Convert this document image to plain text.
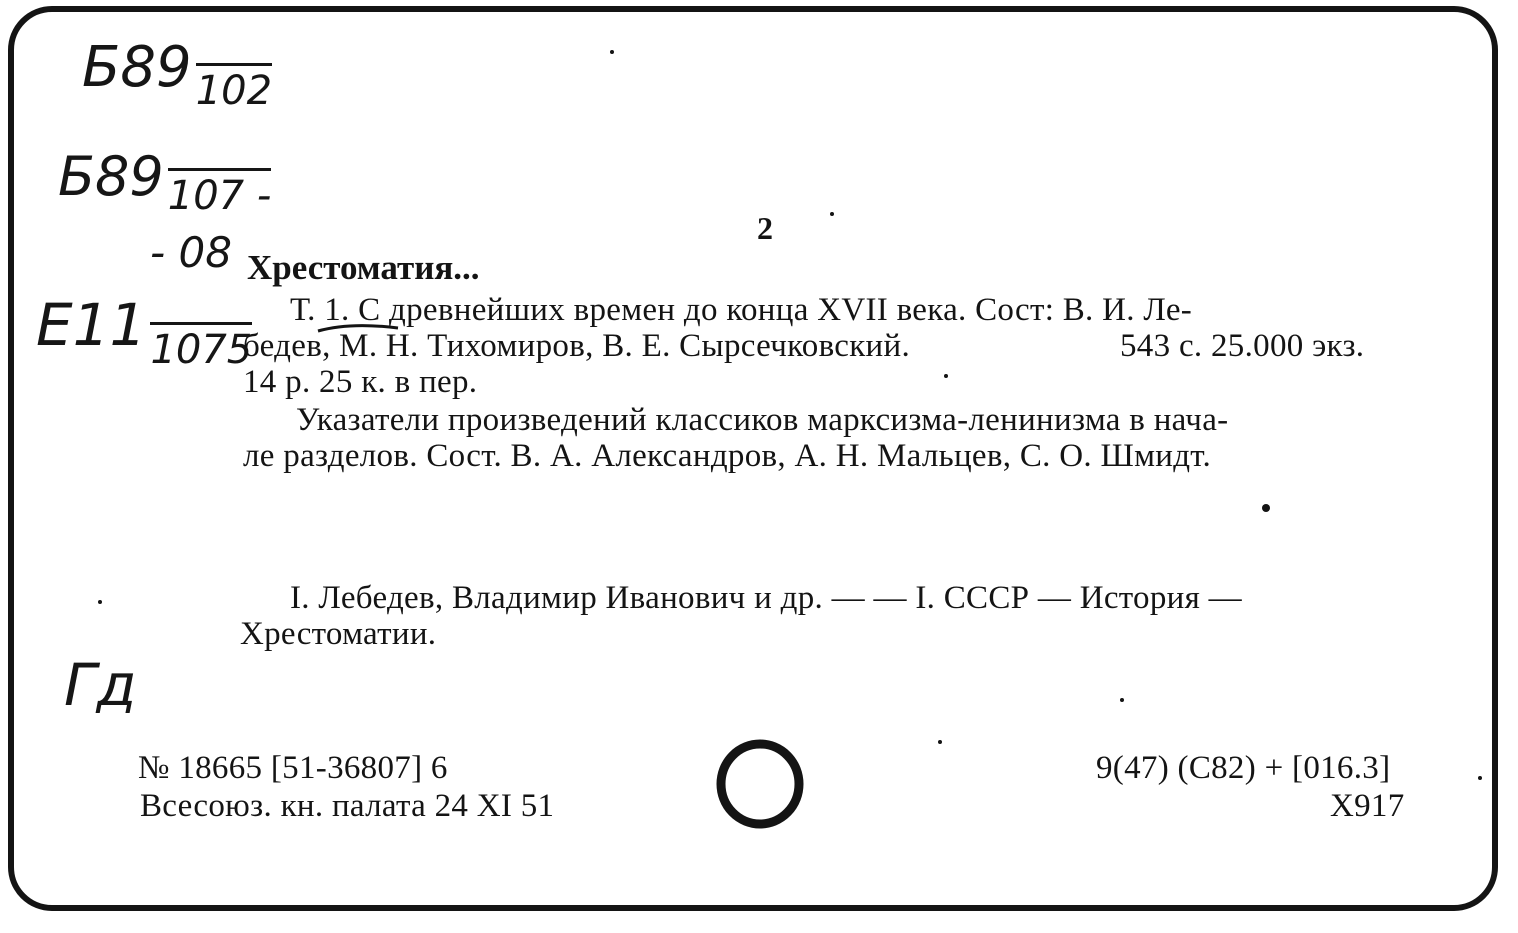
Б89 $_{102}$
Б89 $_{107 -}$
- 08
Е11 $_{1075}$
Гд
2
Хрестоматия...
Т. 1. С древнейших времен до конца XVII века. Сост: В. И. Ле-
бедев, М. Н. Тихомиров, В. Е. Сырсечковский.	543 с. 25.000 экз.
14 р. 25 к. в пер.
Указатели произведений классиков марксизма-ленинизма в нача-
ле разделов. Сост. В. А. Александров, А. Н. Мальцев, С. О. Шмидт.
I. Лебедев, Владимир Иванович и др. — — I. СССР — История —
Хрестоматии.
№ 18665 [51-36807] 6
Всесоюз. кн. палата 24 XI 51
9(47) (С82) + [016.3]
Х917
